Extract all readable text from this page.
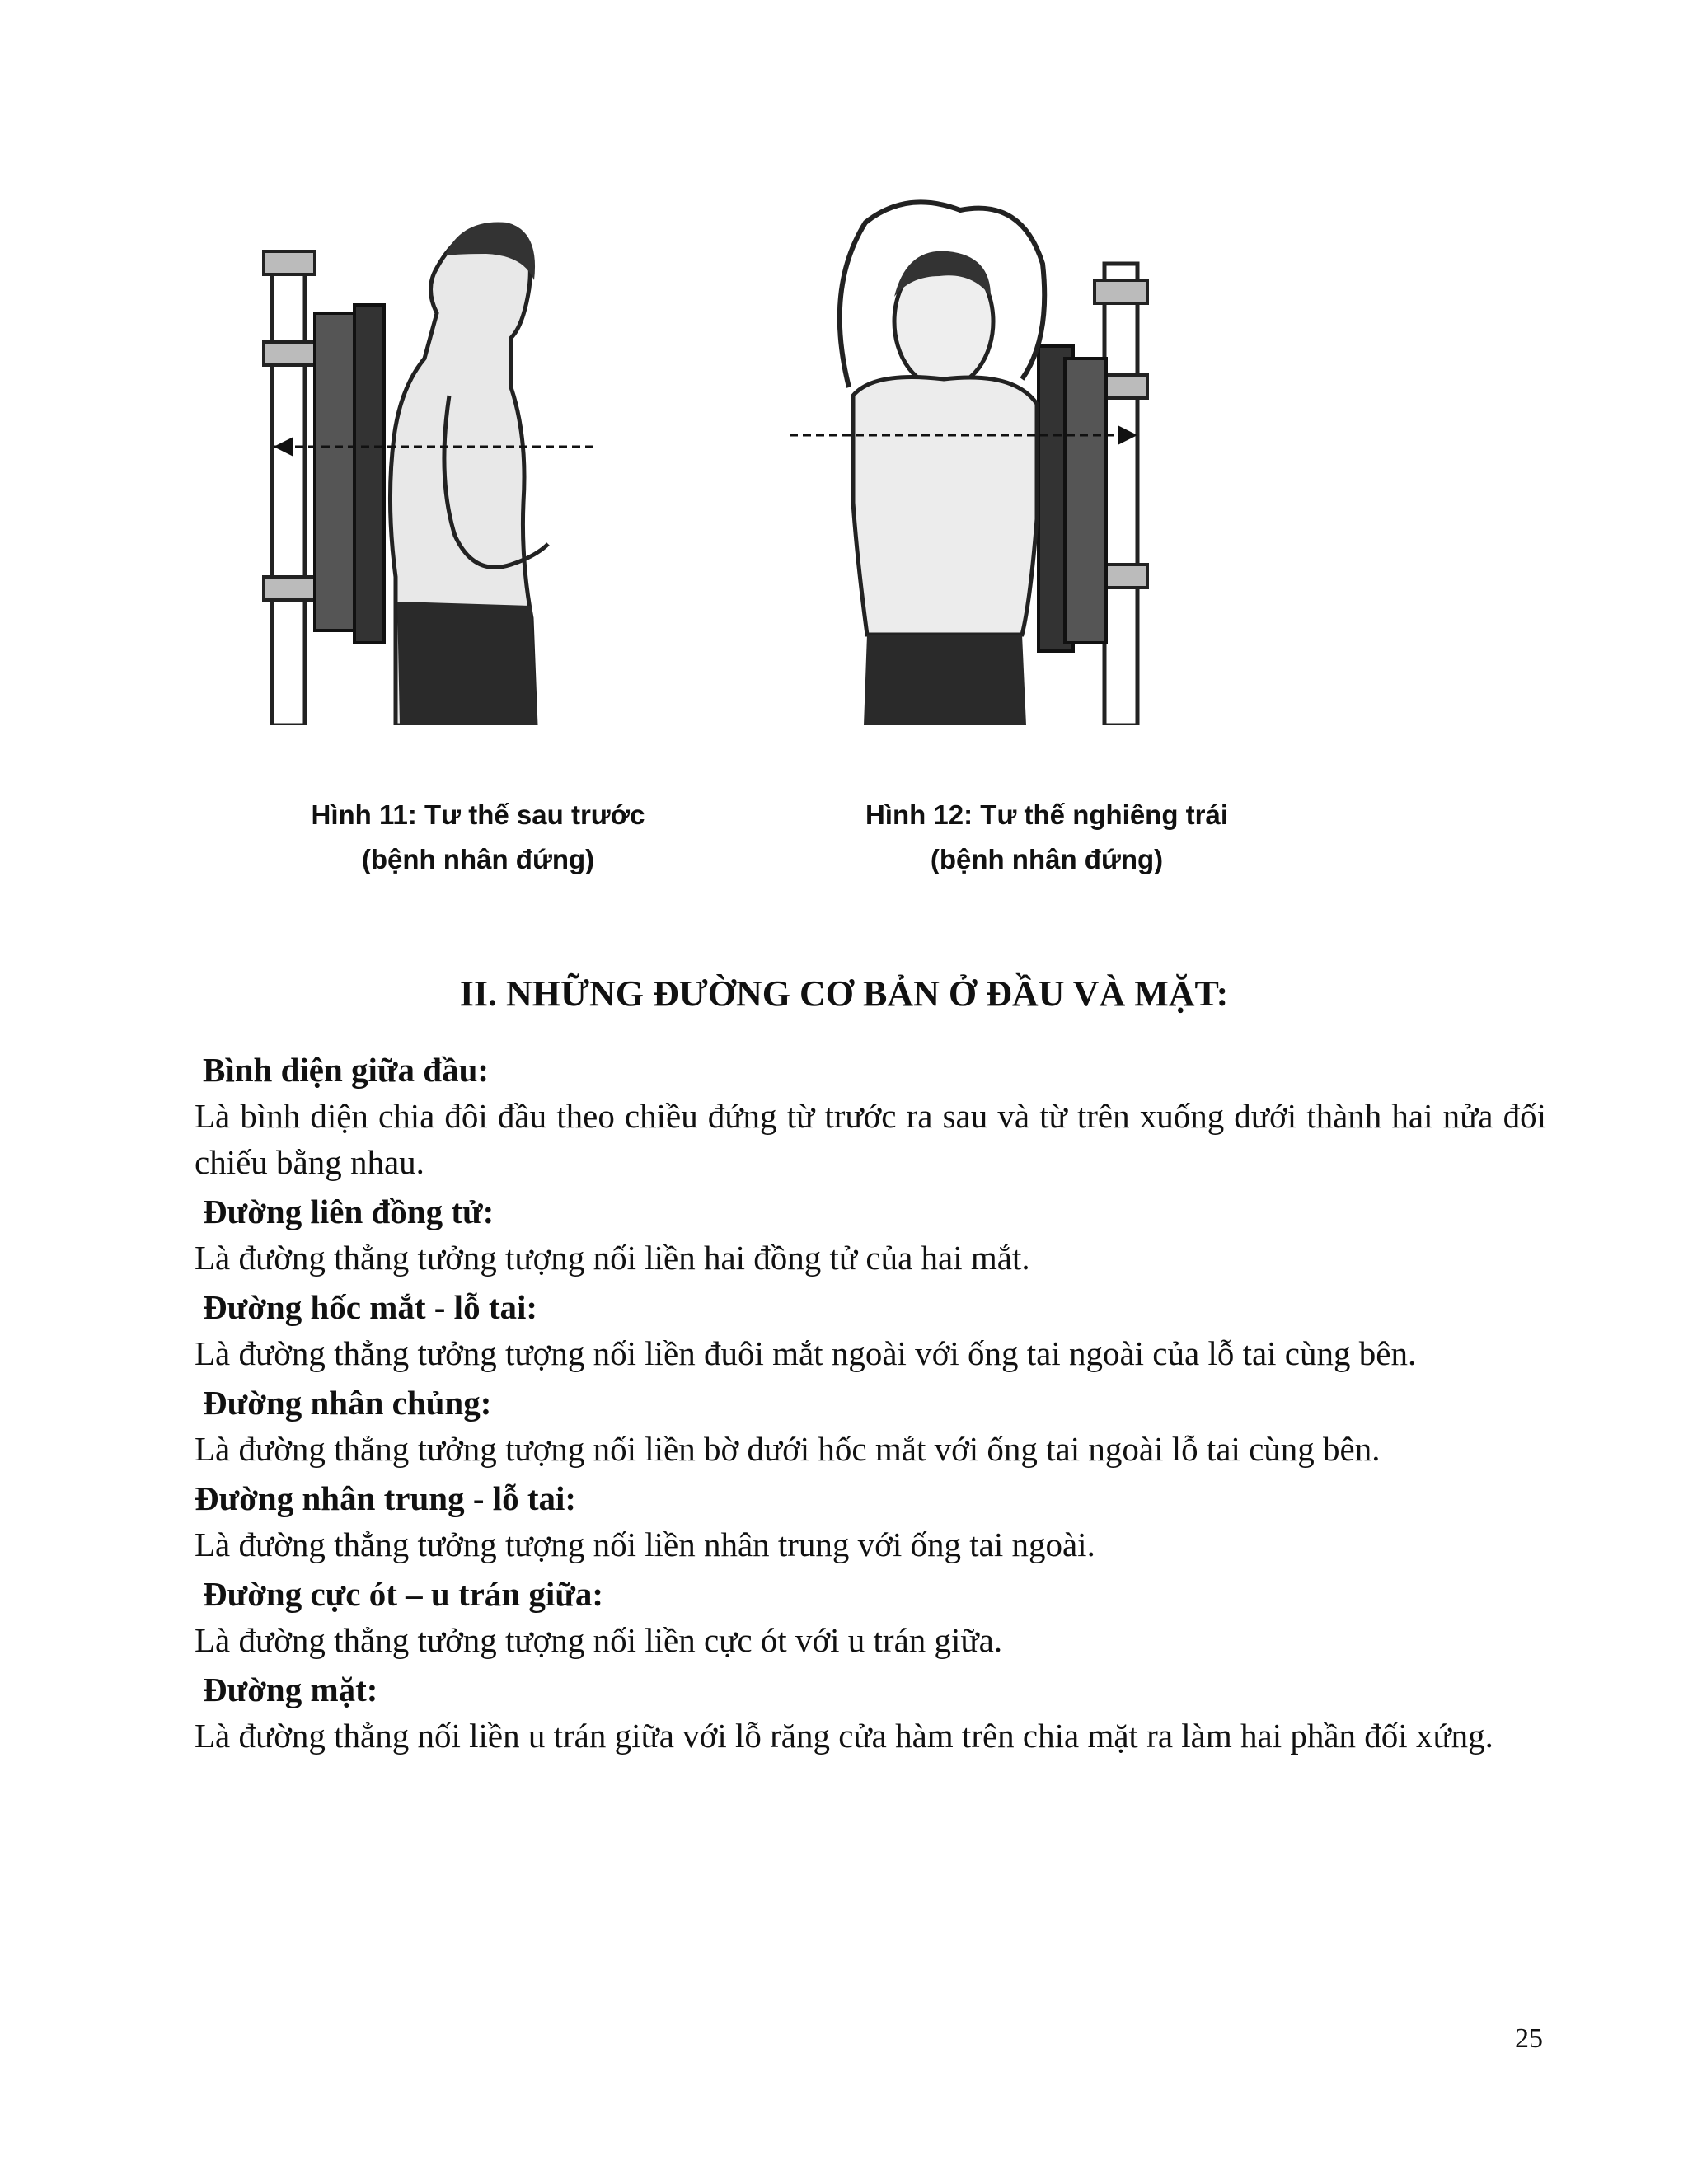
Hình 11: Tư thế sau trước
(bệnh nhân đứng)
Hình 12: Tư thế nghiêng trái
(bệnh nhân đứng)
II. NHỮNG ĐƯỜNG CƠ BẢN Ở ĐẦU VÀ MẶT:
Bình diện giữa đầu:
Là bình diện chia đôi đầu theo chiều đứng từ trước ra sau và từ trên xuống dưới thành hai nửa đối chiếu bằng nhau.
Đường liên đồng tử:
Là đường thẳng tưởng tượng nối liền hai đồng tử của hai mắt.
Đường hốc mắt - lỗ tai:
Là đường thẳng tưởng tượng nối liền đuôi mắt ngoài với ống tai ngoài của lỗ tai cùng bên.
Đường nhân chủng:
Là đường thẳng tưởng tượng nối liền bờ dưới hốc mắt với ống tai ngoài lỗ tai cùng bên.
Đường nhân trung - lỗ tai:
Là đường thẳng tưởng tượng nối liền nhân trung với ống tai ngoài.
Đường cực ót – u trán giữa:
Là đường thẳng tưởng tượng nối liền cực ót với u trán giữa.
Đường mặt:
Là đường thẳng nối liền u trán giữa với lỗ răng cửa hàm trên chia mặt ra làm hai phần đối xứng.
25
